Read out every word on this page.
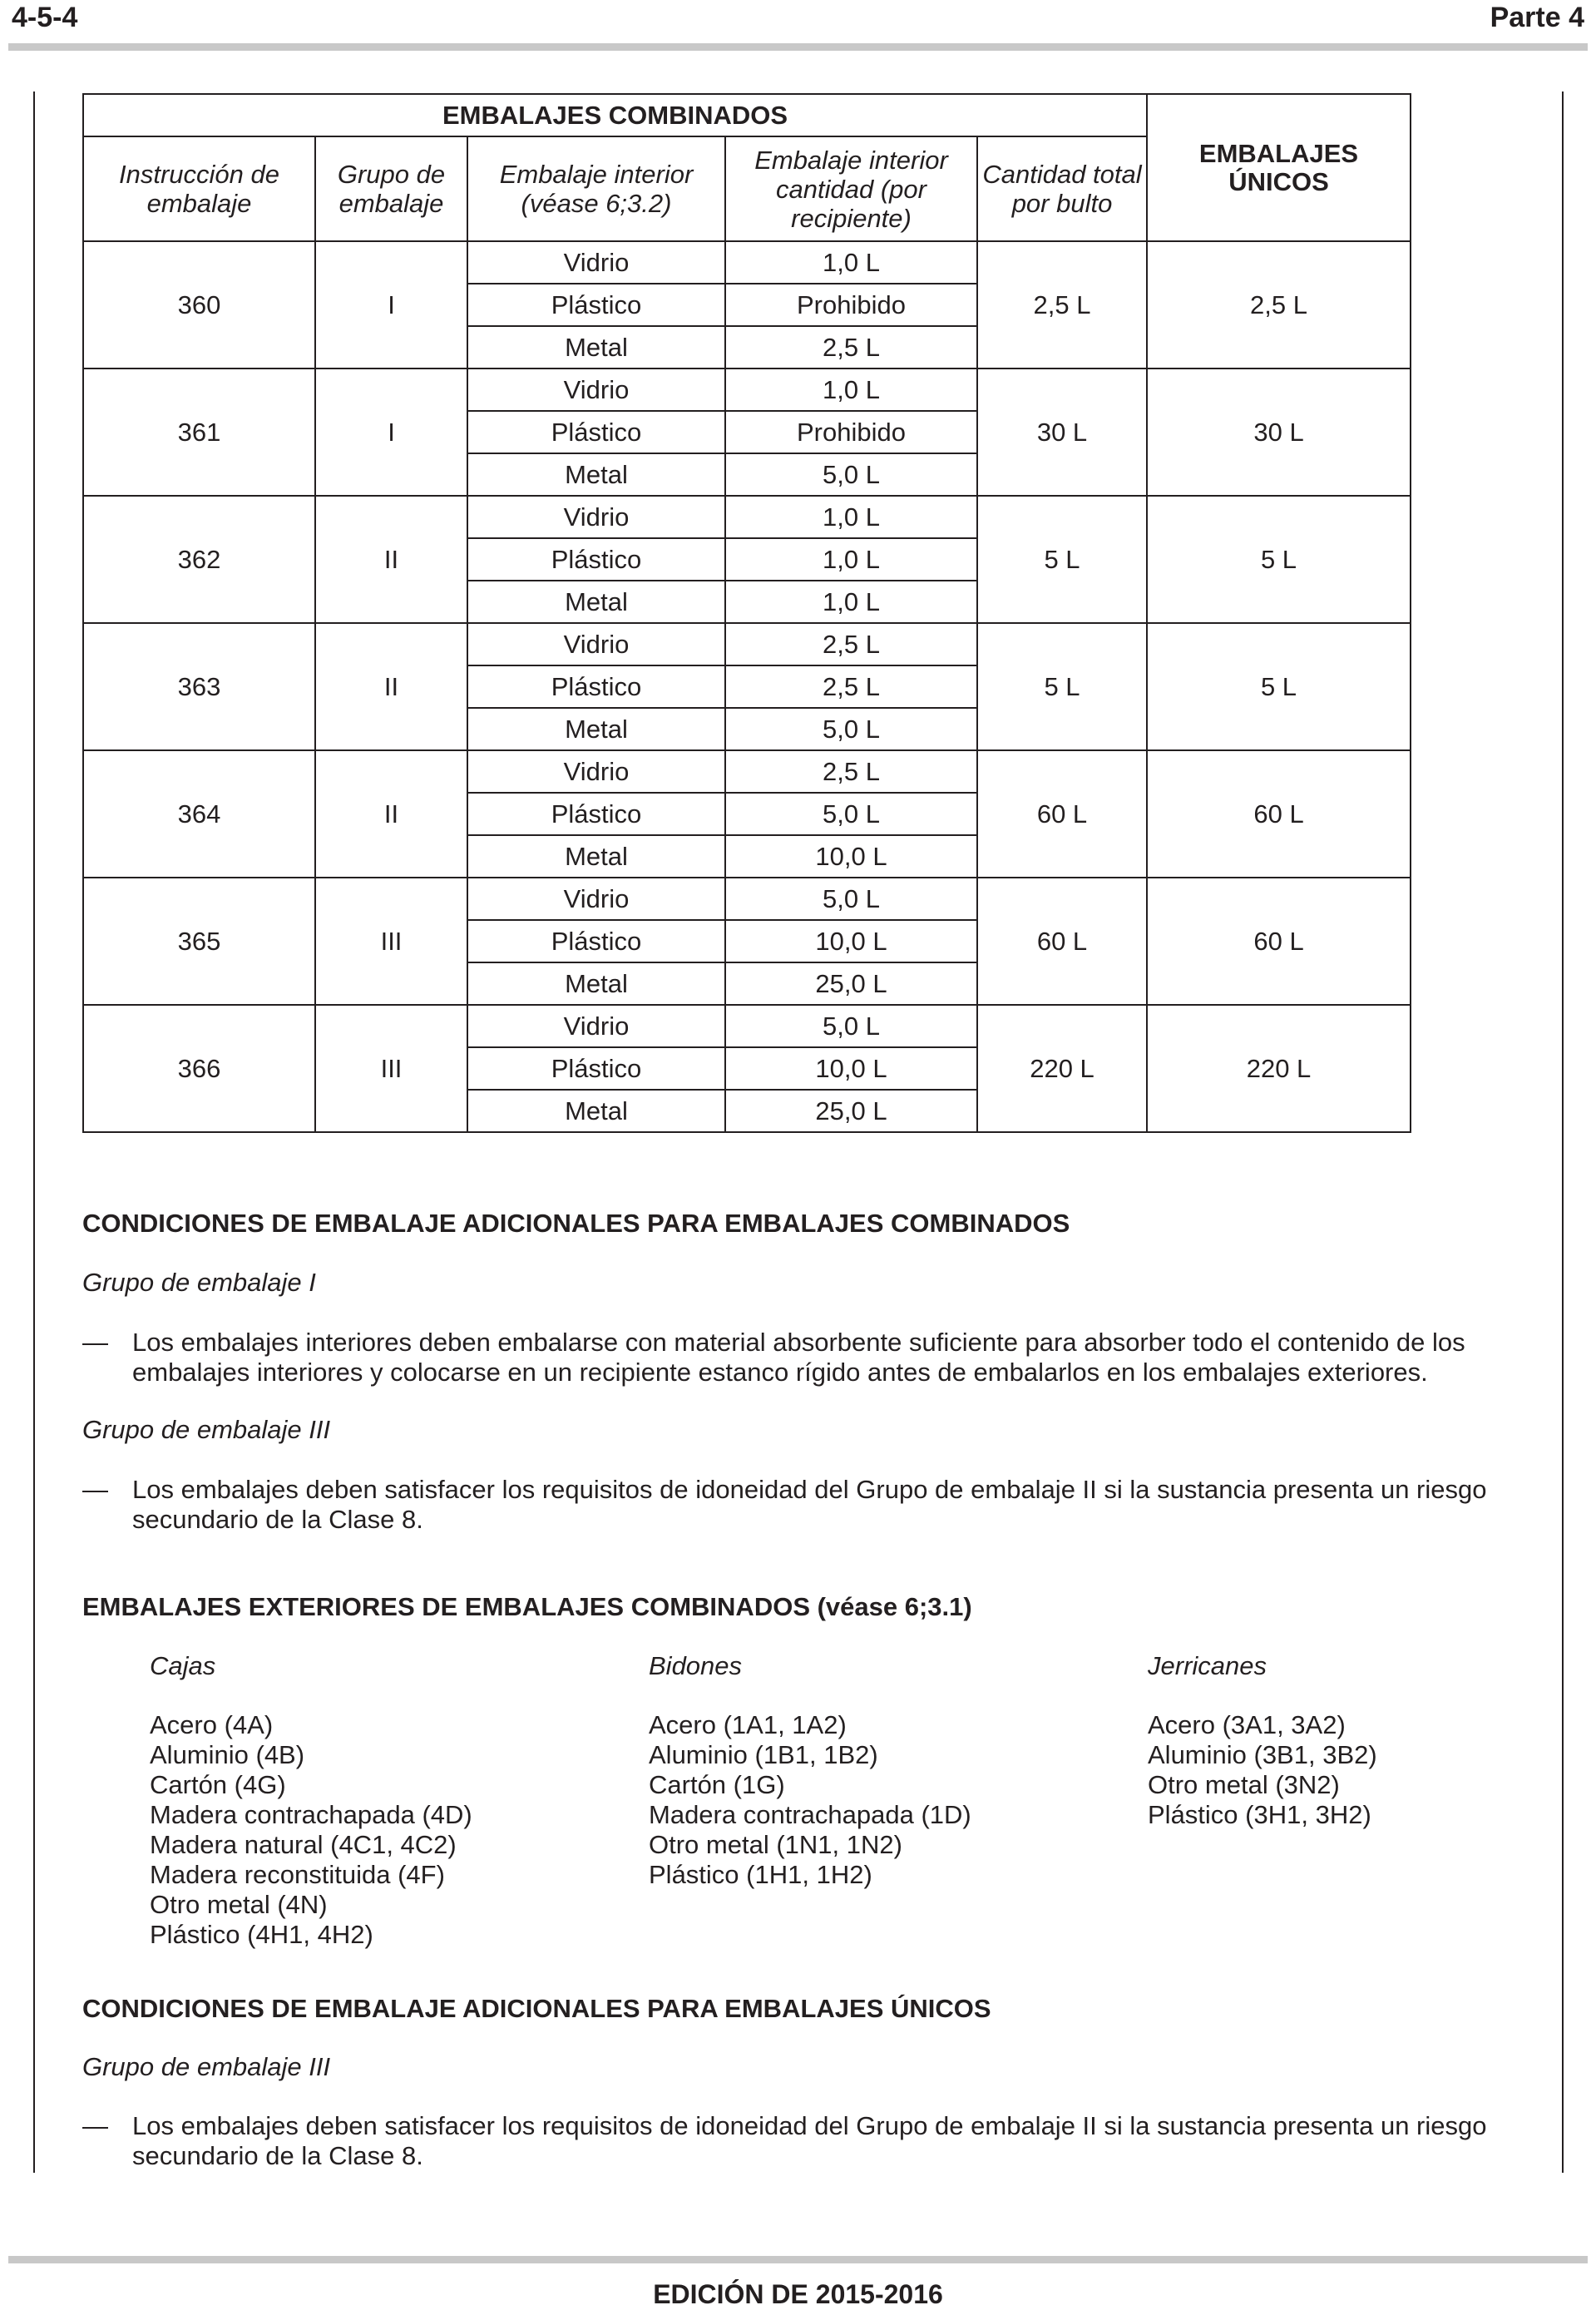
4-5-4	Parte 4
EMBALAJES COMBINADOS					EMBALAJES ÚNICOS
Instrucción de embalaje	Grupo de embalaje	Embalaje interior (véase 6;3.2)	Embalaje interior cantidad (por recipiente)	Cantidad total por bulto	
360	I	Vidrio	1,0 L	2,5 L	2,5 L
		Plástico	Prohibido		
		Metal	2,5 L		
361	I	Vidrio	1,0 L	30 L	30 L
		Plástico	Prohibido		
		Metal	5,0 L		
362	II	Vidrio	1,0 L	5 L	5 L
		Plástico	1,0 L		
		Metal	1,0 L		
363	II	Vidrio	2,5 L	5 L	5 L
		Plástico	2,5 L		
		Metal	5,0 L		
364	II	Vidrio	2,5 L	60 L	60 L
		Plástico	5,0 L		
		Metal	10,0 L		
365	III	Vidrio	5,0 L	60 L	60 L
		Plástico	10,0 L		
		Metal	25,0 L		
366	III	Vidrio	5,0 L	220 L	220 L
		Plástico	10,0 L		
		Metal	25,0 L		
CONDICIONES DE EMBALAJE ADICIONALES PARA EMBALAJES COMBINADOS
Grupo de embalaje I
— Los embalajes interiores deben embalarse con material absorbente suficiente para absorber todo el contenido de los embalajes interiores y colocarse en un recipiente estanco rígido antes de embalarlos en los embalajes exteriores.
Grupo de embalaje III
— Los embalajes deben satisfacer los requisitos de idoneidad del Grupo de embalaje II si la sustancia presenta un riesgo secundario de la Clase 8.
EMBALAJES EXTERIORES DE EMBALAJES COMBINADOS (véase 6;3.1)
Cajas
Acero (4A)
Aluminio (4B)
Cartón (4G)
Madera contrachapada (4D)
Madera natural (4C1, 4C2)
Madera reconstituida (4F)
Otro metal (4N)
Plástico (4H1, 4H2)
Bidones
Acero (1A1, 1A2)
Aluminio (1B1, 1B2)
Cartón (1G)
Madera contrachapada (1D)
Otro metal (1N1, 1N2)
Plástico (1H1, 1H2)
Jerricanes
Acero (3A1, 3A2)
Aluminio (3B1, 3B2)
Otro metal (3N2)
Plástico (3H1, 3H2)
CONDICIONES DE EMBALAJE ADICIONALES PARA EMBALAJES ÚNICOS
Grupo de embalaje III
— Los embalajes deben satisfacer los requisitos de idoneidad del Grupo de embalaje II si la sustancia presenta un riesgo secundario de la Clase 8.
EDICIÓN DE 2015-2016
